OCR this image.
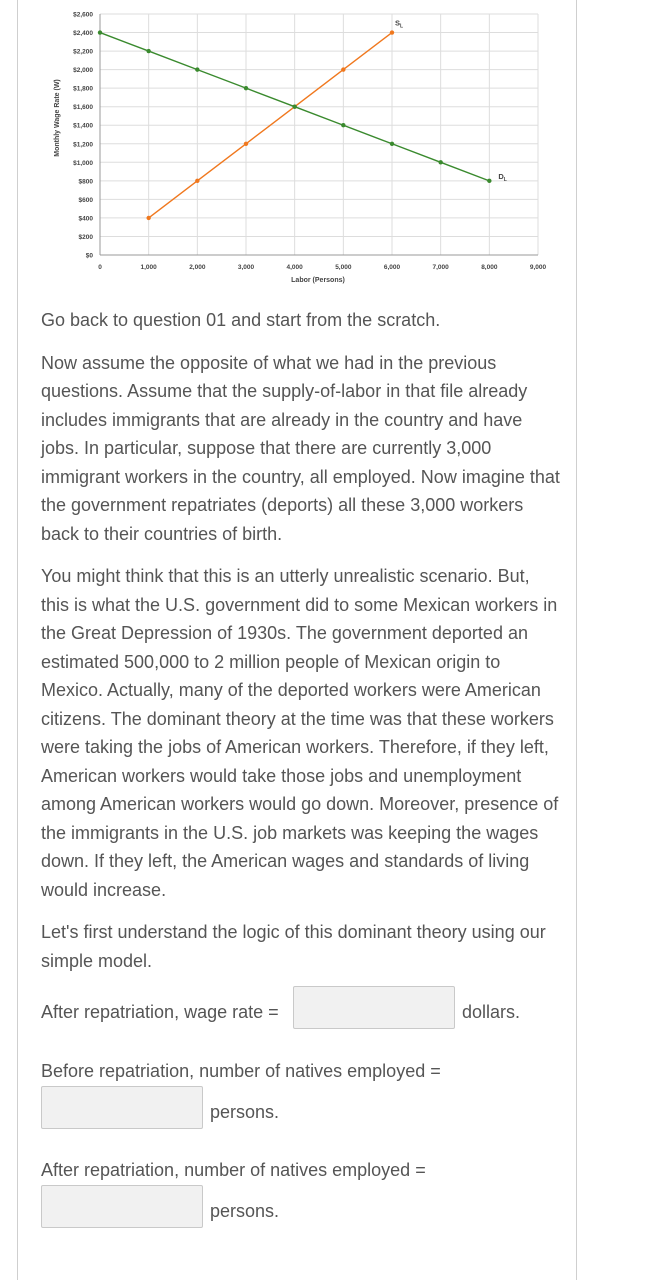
$0
$200
$400
$600
$800
$1,000
$1,200
$1,400
$1,600
$1,800
$2,000
$2,200
$2,400
$2,600
0	1,000	2,000	3,000	4,000	5,000	6,000	7,000	8,000	9,000
$S_L$
$D_L$
Monthly Wage Rate (W)
Labor (Persons)

Go back to question 01 and start from the scratch.

Now assume the opposite of what we had in the previous questions. Assume that the supply-of-labor in that file already includes immigrants that are already in the country and have jobs. In particular, suppose that there are currently 3,000 immigrant workers in the country, all employed. Now imagine that the government repatriates (deports) all these 3,000 workers back to their countries of birth.

You might think that this is an utterly unrealistic scenario. But, this is what the U.S. government did to some Mexican workers in the Great Depression of 1930s. The government deported an estimated 500,000 to 2 million people of Mexican origin to Mexico. Actually, many of the deported workers were American citizens. The dominant theory at the time was that these workers were taking the jobs of American workers. Therefore, if they left, American workers would take those jobs and unemployment among American workers would go down. Moreover, presence of the immigrants in the U.S. job markets was keeping the wages down. If they left, the American wages and standards of living would increase.

Let's first understand the logic of this dominant theory using our simple model.

After repatriation, wage rate =	dollars.
Before repatriation, number of natives employed =
persons.
After repatriation, number of natives employed =
persons.
